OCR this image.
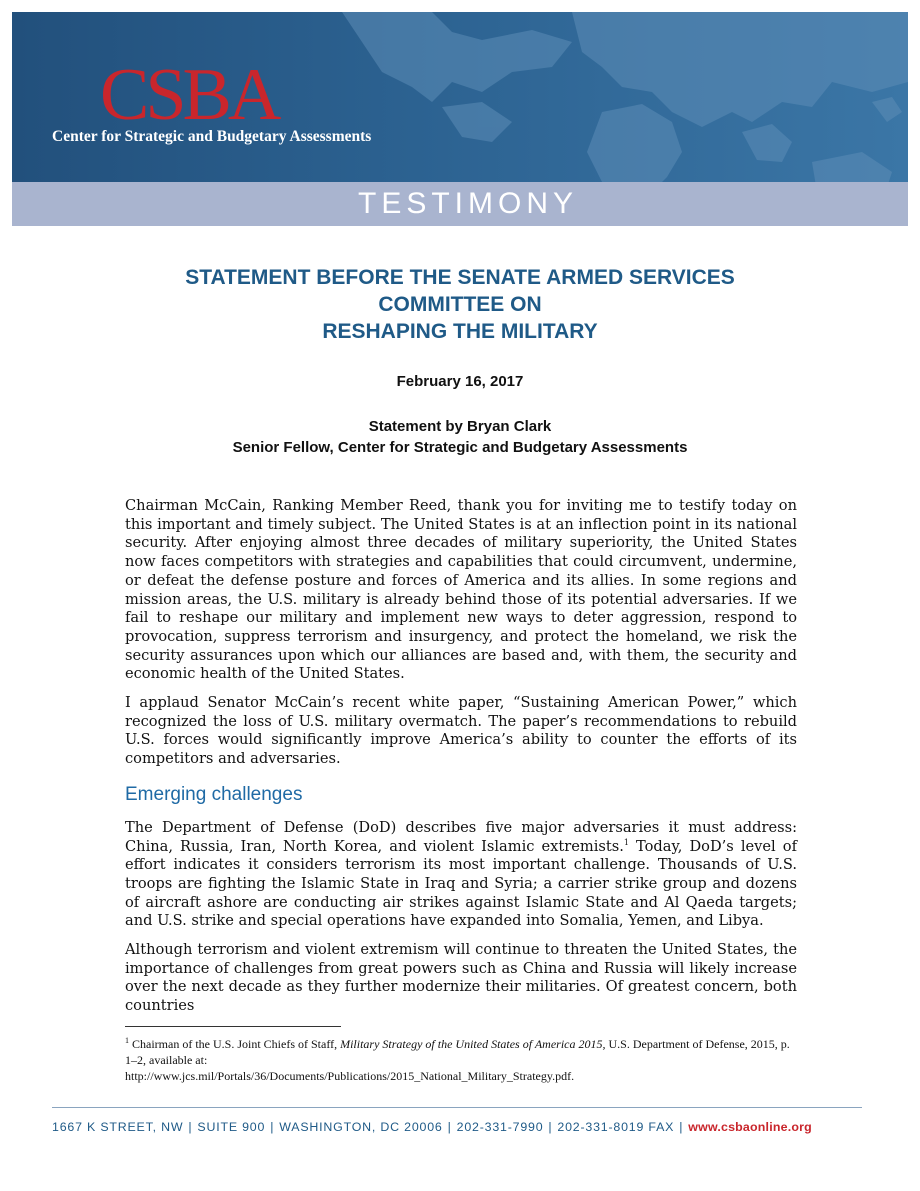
CSBA
Center for Strategic and Budgetary Assessments
TESTIMONY
STATEMENT BEFORE THE SENATE ARMED SERVICES
COMMITTEE ON
RESHAPING THE MILITARY
February 16, 2017
Statement by Bryan Clark
Senior Fellow, Center for Strategic and Budgetary Assessments

Chairman McCain, Ranking Member Reed, thank you for inviting me to testify today on this important and timely subject. The United States is at an inflection point in its national security. After enjoying almost three decades of military superiority, the United States now faces competitors with strategies and capabilities that could circumvent, undermine, or defeat the defense posture and forces of America and its allies. In some regions and mission areas, the U.S. military is already behind those of its potential adversaries. If we fail to reshape our military and implement new ways to deter aggression, respond to provocation, suppress terrorism and insurgency, and protect the homeland, we risk the security assurances upon which our alliances are based and, with them, the security and economic health of the United States.

I applaud Senator McCain’s recent white paper, “Sustaining American Power,” which recognized the loss of U.S. military overmatch. The paper’s recommendations to rebuild U.S. forces would significantly improve America’s ability to counter the efforts of its competitors and adversaries.

Emerging challenges

The Department of Defense (DoD) describes five major adversaries it must address: China, Russia, Iran, North Korea, and violent Islamic extremists.$^1$ Today, DoD’s level of effort indicates it considers terrorism its most important challenge. Thousands of U.S. troops are fighting the Islamic State in Iraq and Syria; a carrier strike group and dozens of aircraft ashore are conducting air strikes against Islamic State and Al Qaeda targets; and U.S. strike and special operations have expanded into Somalia, Yemen, and Libya.

Although terrorism and violent extremism will continue to threaten the United States, the importance of challenges from great powers such as China and Russia will likely increase over the next decade as they further modernize their militaries. Of greatest concern, both countries

$^1$ Chairman of the U.S. Joint Chiefs of Staff, Military Strategy of the United States of America 2015, U.S. Department of Defense, 2015, p. 1–2, available at:
http://www.jcs.mil/Portals/36/Documents/Publications/2015_National_Military_Strategy.pdf.
1667 K STREET, NW | SUITE 900 | WASHINGTON, DC 20006 | 202-331-7990 | 202-331-8019 FAX | www.csbaonline.org
